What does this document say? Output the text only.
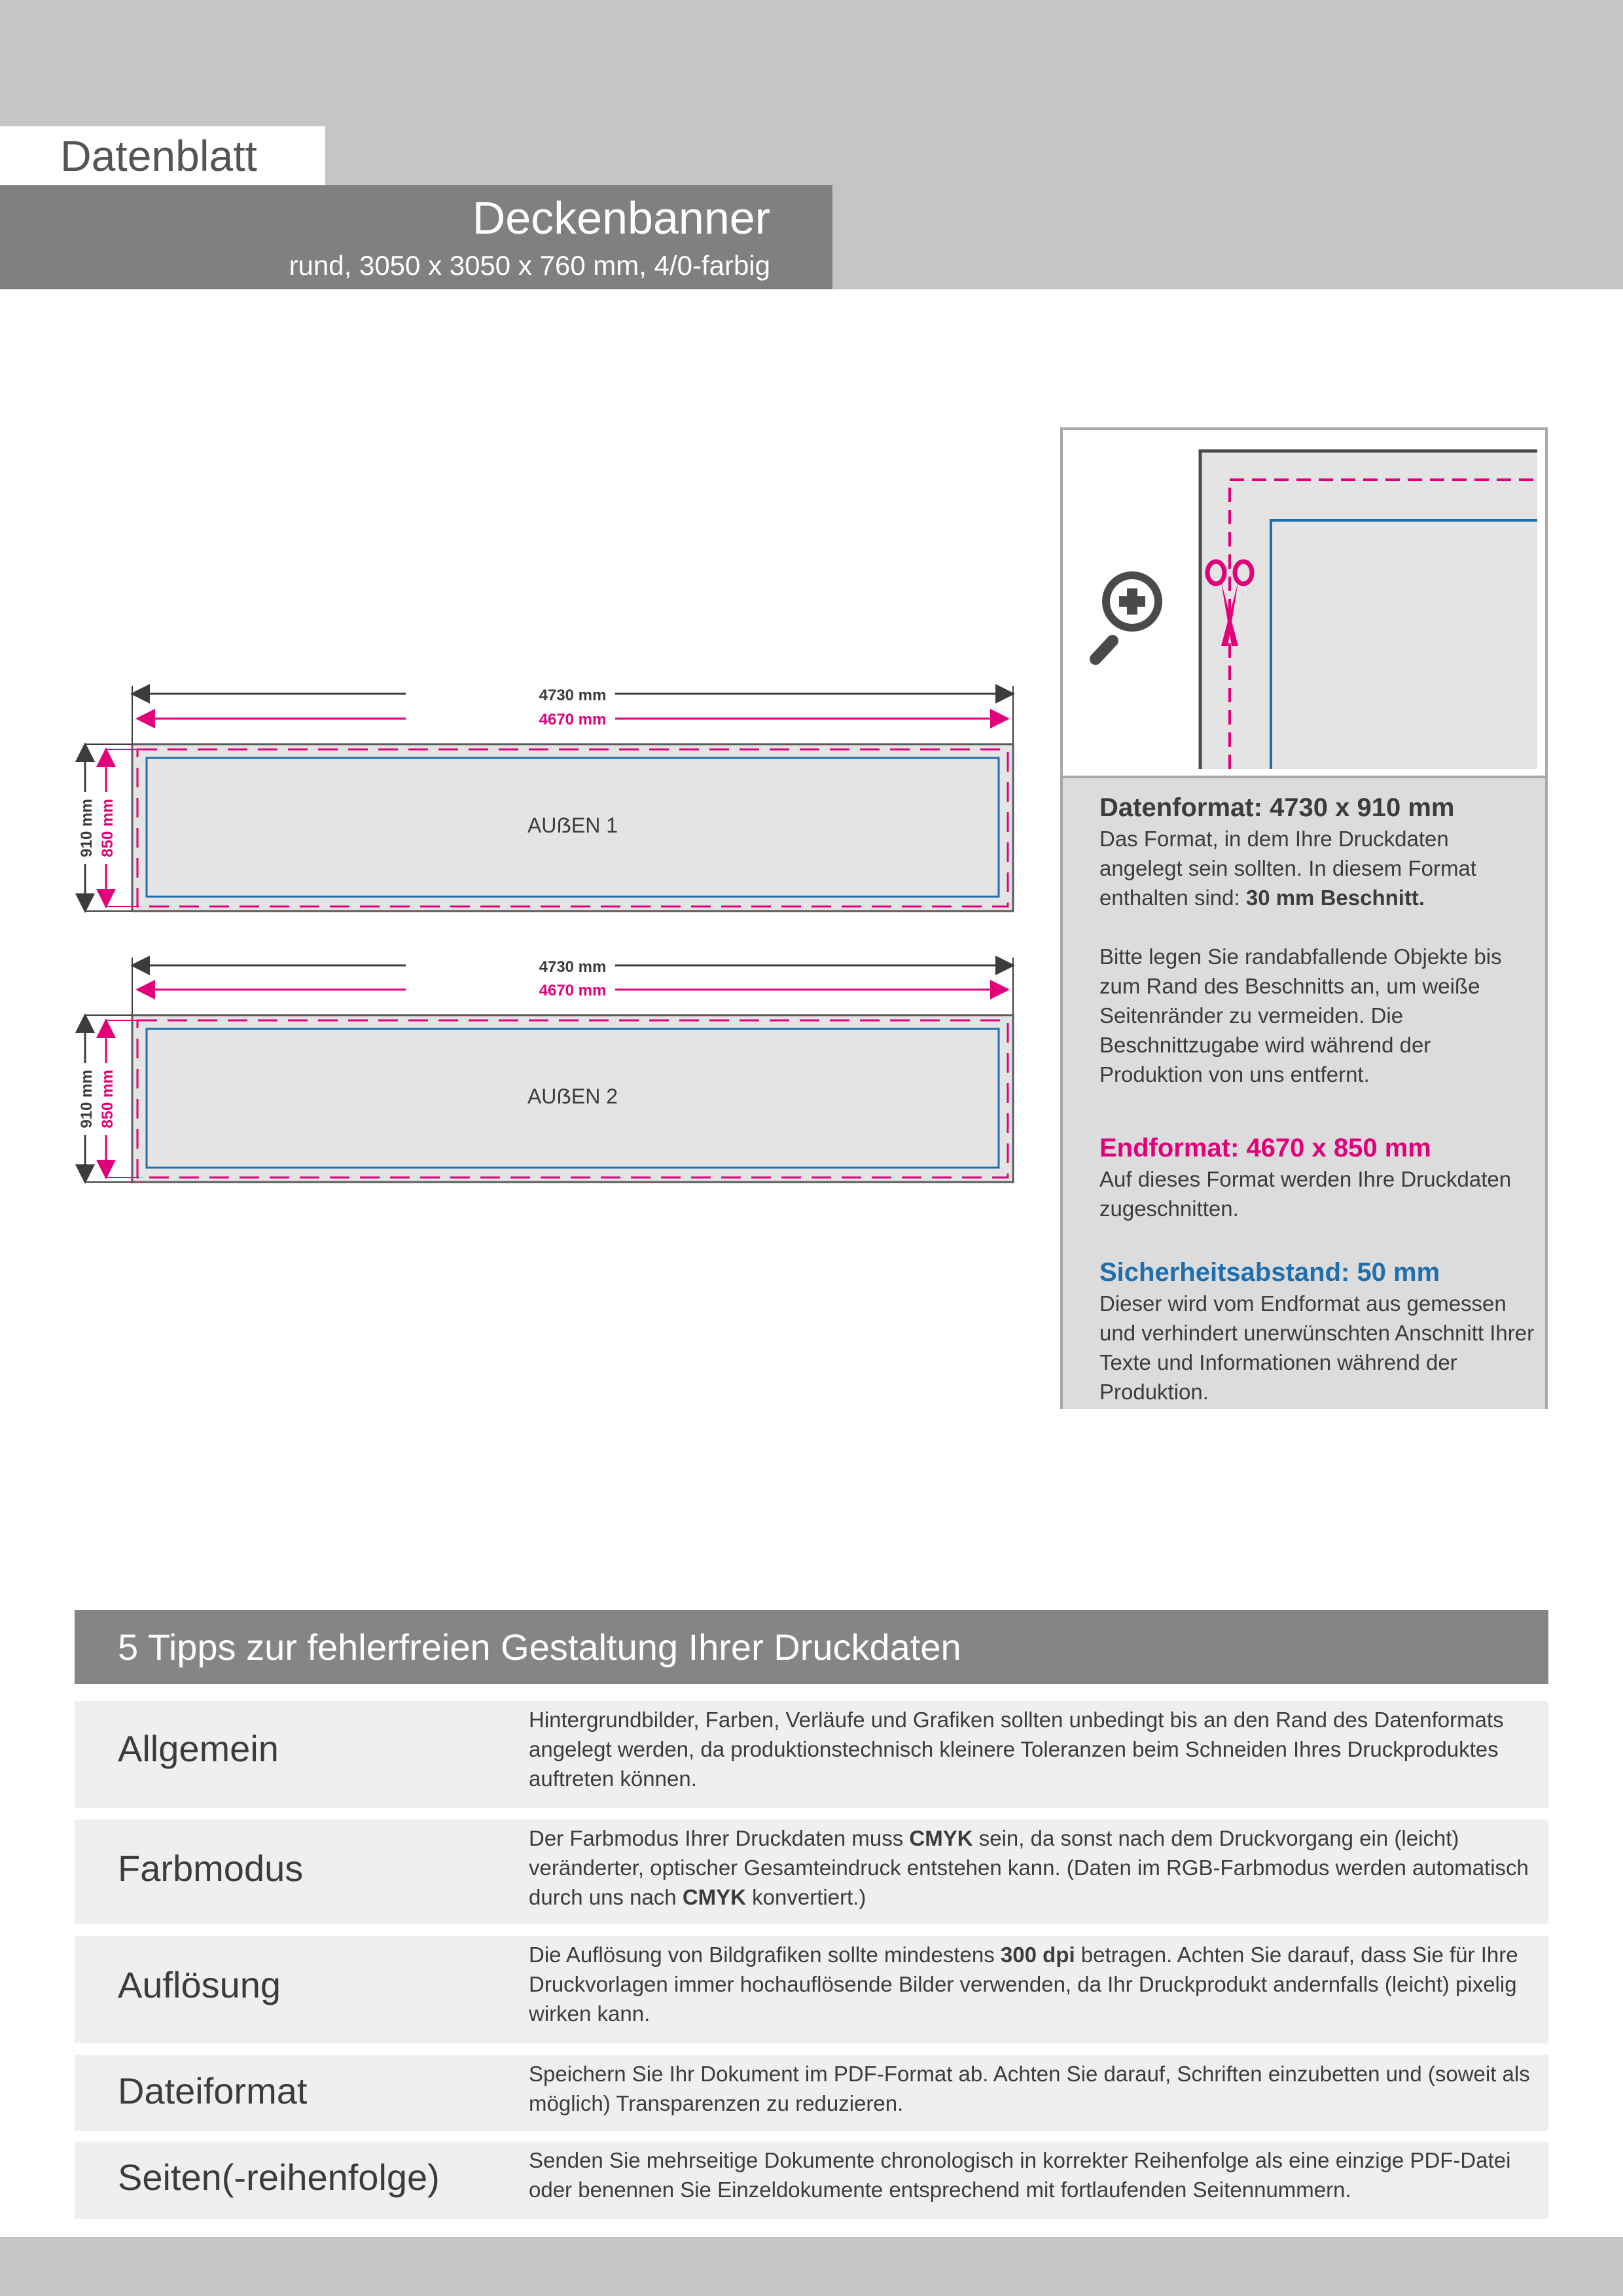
Datenblatt
Deckenbanner
rund, 3050 x 3050 x 760 mm, 4/0-farbig
4730 mm
4670 mm
AUẞEN 1
910 mm 850 mm
4730 mm
4670 mm
AUẞEN 2
910 mm 850 mm
Datenformat: 4730 x 910 mm
Das Format, in dem Ihre Druckdaten angelegt sein sollten. In diesem Format enthalten sind: 30 mm Beschnitt.
Bitte legen Sie randabfallende Objekte bis zum Rand des Beschnitts an, um weiße Seitenränder zu vermeiden. Die Beschnittzugabe wird während der Produktion von uns entfernt.
Endformat: 4670 x 850 mm
Auf dieses Format werden Ihre Druckdaten zugeschnitten.
Sicherheitsabstand: 50 mm
Dieser wird vom Endformat aus gemessen und verhindert unerwünschten Anschnitt Ihrer Texte und Informationen während der Produktion.
5 Tipps zur fehlerfreien Gestaltung Ihrer Druckdaten
Allgemein
Hintergrundbilder, Farben, Verläufe und Grafiken sollten unbedingt bis an den Rand des Datenformats angelegt werden, da produktionstechnisch kleinere Toleranzen beim Schneiden Ihres Druckproduktes auftreten können.
Farbmodus
Der Farbmodus Ihrer Druckdaten muss CMYK sein, da sonst nach dem Druckvorgang ein (leicht) veränderter, optischer Gesamteindruck entstehen kann. (Daten im RGB-Farbmodus werden automatisch durch uns nach CMYK konvertiert.)
Auflösung
Die Auflösung von Bildgrafiken sollte mindestens 300 dpi betragen. Achten Sie darauf, dass Sie für Ihre Druckvorlagen immer hochauflösende Bilder verwenden, da Ihr Druckprodukt andernfalls (leicht) pixelig wirken kann.
Dateiformat	Speichern Sie Ihr Dokument im PDF-Format ab. Achten Sie darauf, Schriften einzubetten und (soweit als möglich) Transparenzen zu reduzieren.
Seiten(-reihenfolge)	Senden Sie mehrseitige Dokumente chronologisch in korrekter Reihenfolge als eine einzige PDF-Datei oder benennen Sie Einzeldokumente entsprechend mit fortlaufenden Seitennummern.
